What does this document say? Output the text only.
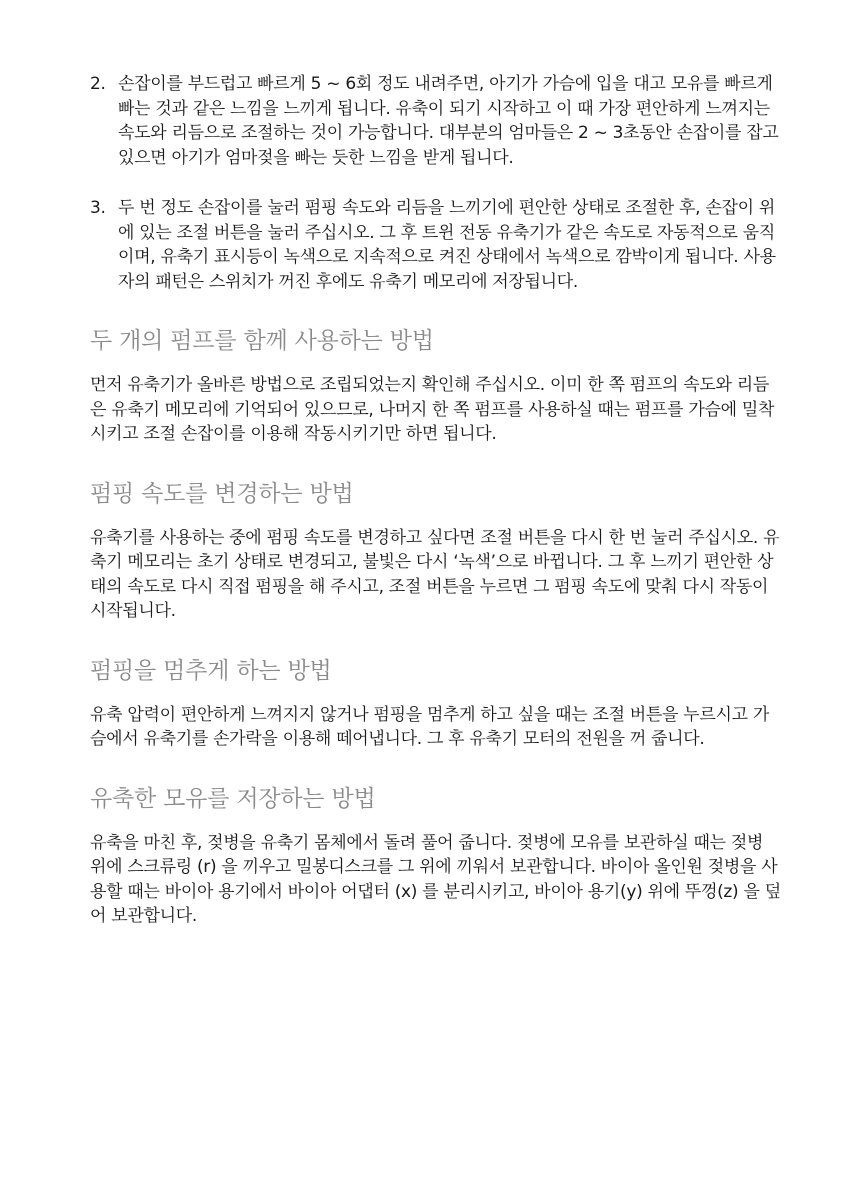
2. 손잡이를 부드럽고 빠르게 5 ~ 6회 정도 내려주면, 아기가 가슴에 입을 대고 모유를 빠르게 빠는 것과 같은 느낌을 느끼게 됩니다. 유축이 되기 시작하고 이 때 가장 편안하게 느껴지는 속도와 리듬으로 조절하는 것이 가능합니다. 대부분의 엄마들은 2 ~ 3초동안 손잡이를 잡고 있으면 아기가 엄마젖을 빠는 듯한 느낌을 받게 됩니다.
3. 두 번 정도 손잡이를 눌러 펌핑 속도와 리듬을 느끼기에 편안한 상태로 조절한 후, 손잡이 위에 있는 조절 버튼을 눌러 주십시오. 그 후 트윈 전동 유축기가 같은 속도로 자동적으로 움직이며, 유축기 표시등이 녹색으로 지속적으로 켜진 상태에서 녹색으로 깜박이게 됩니다. 사용자의 패턴은 스위치가 꺼진 후에도 유축기 메모리에 저장됩니다.
두 개의 펌프를 함께 사용하는 방법

먼저 유축기가 올바른 방법으로 조립되었는지 확인해 주십시오. 이미 한 쪽 펌프의 속도와 리듬은 유축기 메모리에 기억되어 있으므로, 나머지 한 쪽 펌프를 사용하실 때는 펌프를 가슴에 밀착시키고 조절 손잡이를 이용해 작동시키기만 하면 됩니다.

펌핑 속도를 변경하는 방법

유축기를 사용하는 중에 펌핑 속도를 변경하고 싶다면 조절 버튼을 다시 한 번 눌러 주십시오. 유축기 메모리는 초기 상태로 변경되고, 불빛은 다시 ‘녹색’으로 바뀝니다. 그 후 느끼기 편안한 상태의 속도로 다시 직접 펌핑을 해 주시고, 조절 버튼을 누르면 그 펌핑 속도에 맞춰 다시 작동이 시작됩니다.

펌핑을 멈추게 하는 방법

유축 압력이 편안하게 느껴지지 않거나 펌핑을 멈추게 하고 싶을 때는 조절 버튼을 누르시고 가슴에서 유축기를 손가락을 이용해 떼어냅니다. 그 후 유축기 모터의 전원을 꺼 줍니다.

유축한 모유를 저장하는 방법

유축을 마친 후, 젖병을 유축기 몸체에서 돌려 풀어 줍니다. 젖병에 모유를 보관하실 때는 젖병 위에 스크류링 (r) 을 끼우고 밀봉디스크를 그 위에 끼워서 보관합니다. 바이아 올인원 젖병을 사용할 때는 바이아 용기에서 바이아 어댑터 (x) 를 분리시키고, 바이아 용기(y) 위에 뚜껑(z) 을 덮어 보관합니다.
